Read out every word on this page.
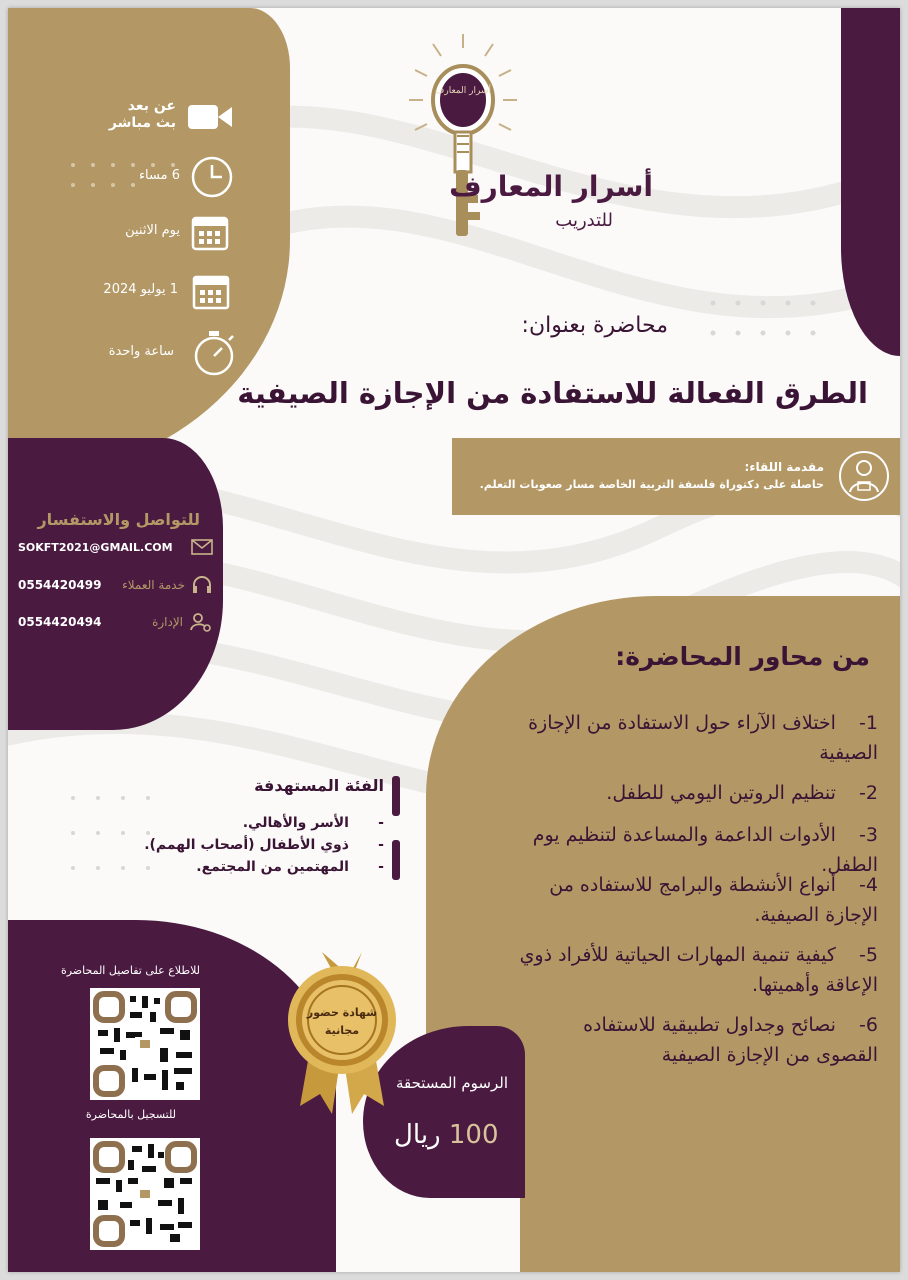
عن بعد
بث مباشر
6 مساء
يوم الاثنين
1 يوليو 2024
ساعة واحدة
أسرار المعارف
أسرار المعارف
للتدريب
محاضرة بعنوان:
الطرق الفعالة للاستفادة من الإجازة الصيفية
مقدمة اللقاء:
حاصلة على دكتوراة فلسفة التربية الخاصة مسار صعوبات التعلم.
للتواصل والاستفسار
SOKFT2021@GMAIL.COM
0554420499 خدمة العملاء
0554420494	الإدارة
من محاور المحاضرة:
1- اختلاف الآراء حول الاستفادة من الإجازة الصيفية
2- تنظيم الروتين اليومي للطفل.
3- الأدوات الداعمة والمساعدة لتنظيم يوم الطفل.
4- أنواع الأنشطة والبرامج للاستفاده من الإجازة الصيفية.
5- كيفية تنمية المهارات الحياتية للأفراد ذوي الإعاقة وأهميتها.
6- نصائح وجداول تطبيقية للاستفاده القصوى من الإجازة الصيفية
الفئة المستهدفة
-      الأسر والأهالي.
-      ذوي الأطفال (أصحاب الهمم).
-      المهتمين من المجتمع.
للاطلاع على تفاصيل المحاضرة
للتسجيل بالمحاضرة
الرسوم المستحقة
100 ريال
شهادة حضور
مجانية
